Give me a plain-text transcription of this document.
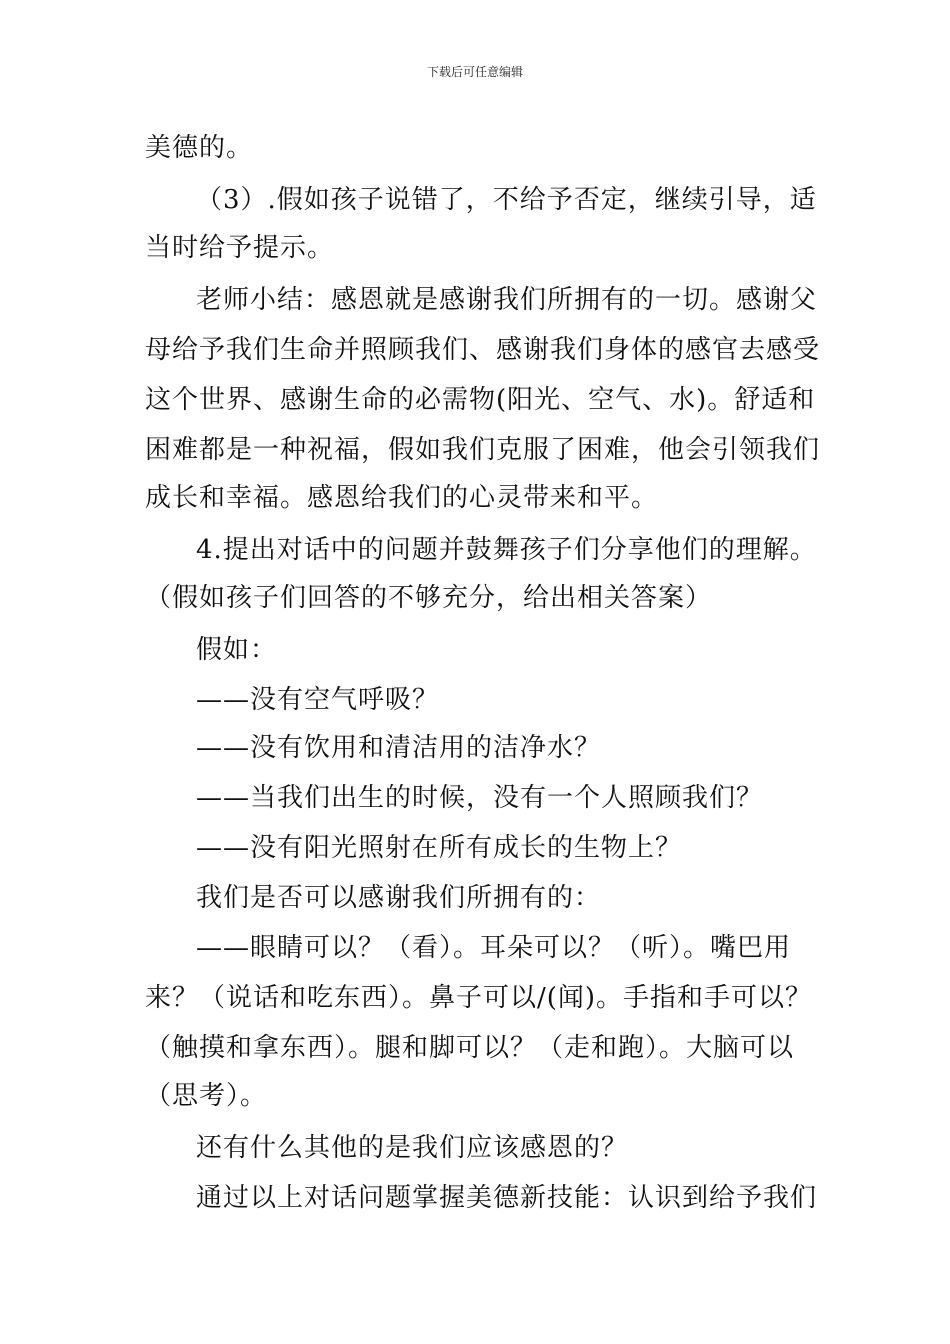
下载后可任意编辑
美德的。
（3）.假如孩子说错了，不给予否定，继续引导，适
当时给予提示。
老师小结：感恩就是感谢我们所拥有的一切。感谢父
母给予我们生命并照顾我们、感谢我们身体的感官去感受
这个世界、感谢生命的必需物(阳光、空气、水)。舒适和
困难都是一种祝福，假如我们克服了困难，他会引领我们
成长和幸福。感恩给我们的心灵带来和平。
4.提出对话中的问题并鼓舞孩子们分享他们的理解。
（假如孩子们回答的不够充分，给出相关答案）
假如：
——没有空气呼吸？
——没有饮用和清洁用的洁净水？
——当我们出生的时候，没有一个人照顾我们？
——没有阳光照射在所有成长的生物上？
我们是否可以感谢我们所拥有的：
——眼睛可以？（看）。耳朵可以？（听）。嘴巴用
来？（说话和吃东西）。鼻子可以/(闻)。手指和手可以？
（触摸和拿东西）。腿和脚可以？（走和跑）。大脑可以
（思考）。
还有什么其他的是我们应该感恩的？
通过以上对话问题掌握美德新技能：认识到给予我们
